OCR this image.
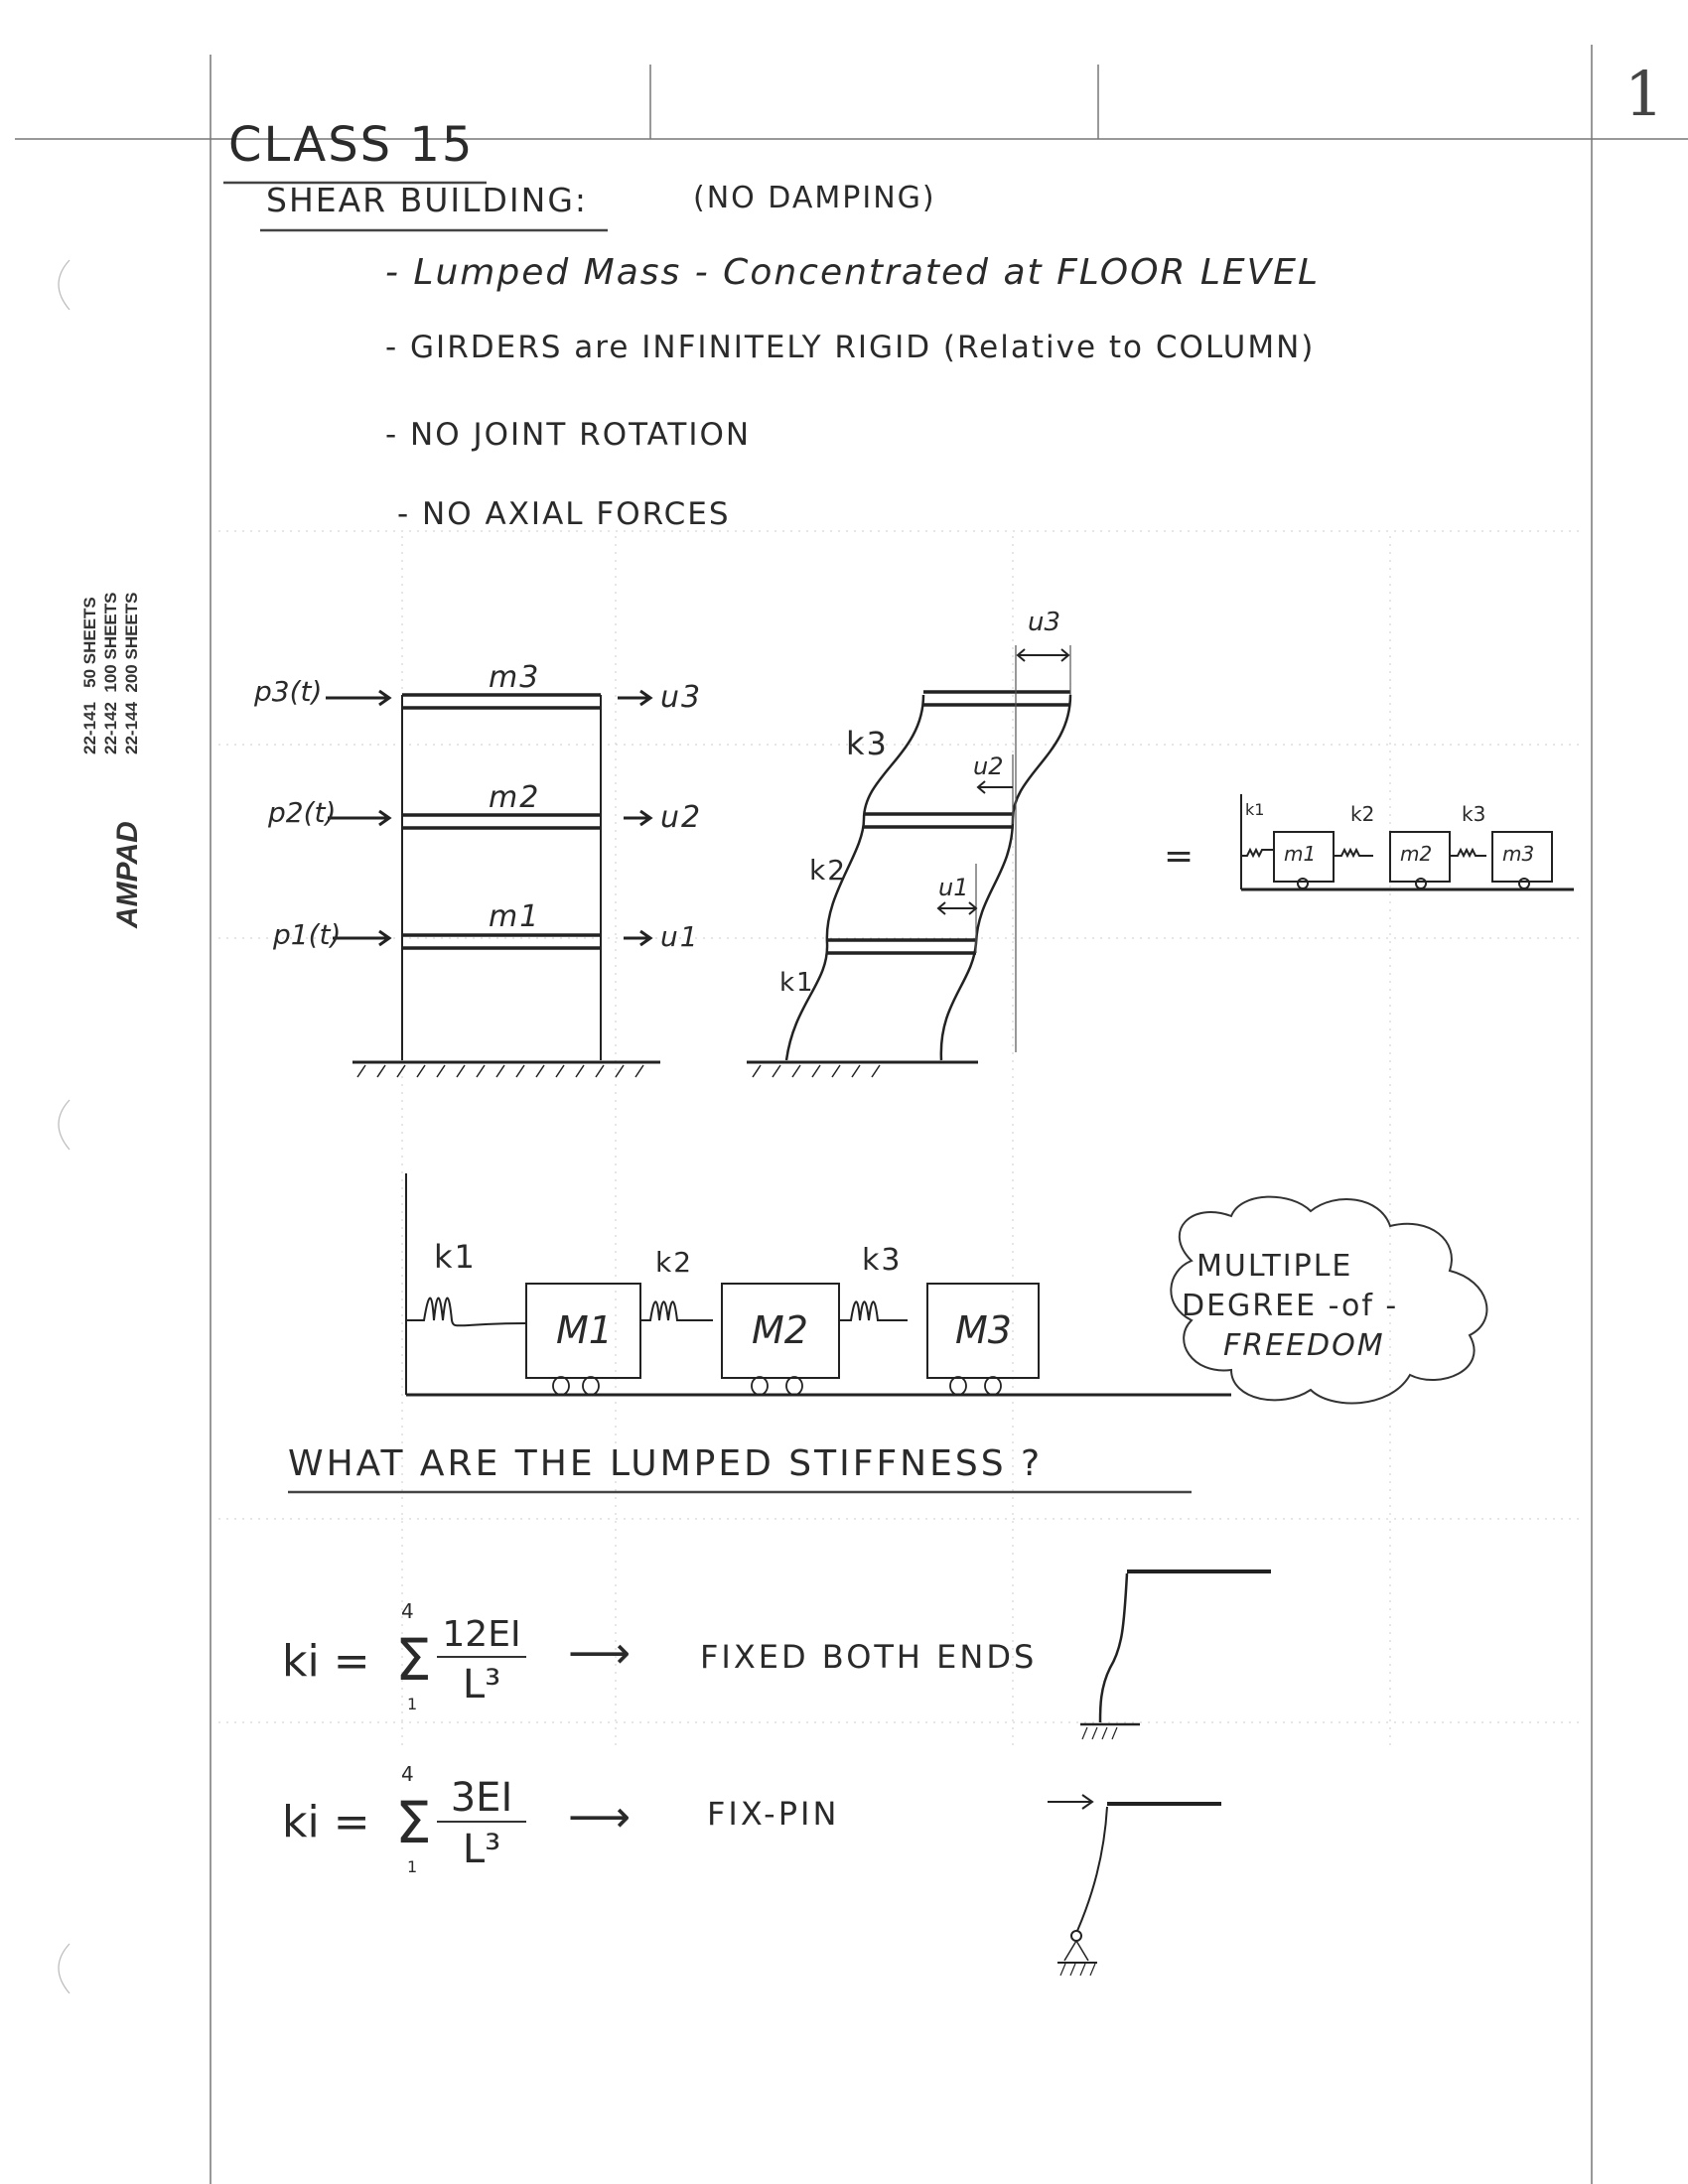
1
22-141   50 SHEETS
22-142  100 SHEETS
22-144  200 SHEETS
AMPAD
CLASS 15
SHEAR BUILDING:	(NO DAMPING)
- Lumped Mass - Concentrated at FLOOR LEVEL
- GIRDERS are INFINITELY RIGID (Relative to COLUMN)
- NO JOINT ROTATION
- NO AXIAL FORCES
p3(t)
p2(t)
p1(t)
m3
m2
m1
u3
u2
u1
k3
k2
k1
u3
u2
u1
=
k1	k2	k3
m1	m2	m3
k1	k2	k3
M1	M2	M3
MULTIPLE
DEGREE -of -
FREEDOM
WHAT ARE THE LUMPED STIFFNESS ?
ki =
4
Σ
1
12EI
L³
⟶ FIXED BOTH ENDS
ki =
4
Σ
1
3EI
L³
⟶ FIX-PIN
